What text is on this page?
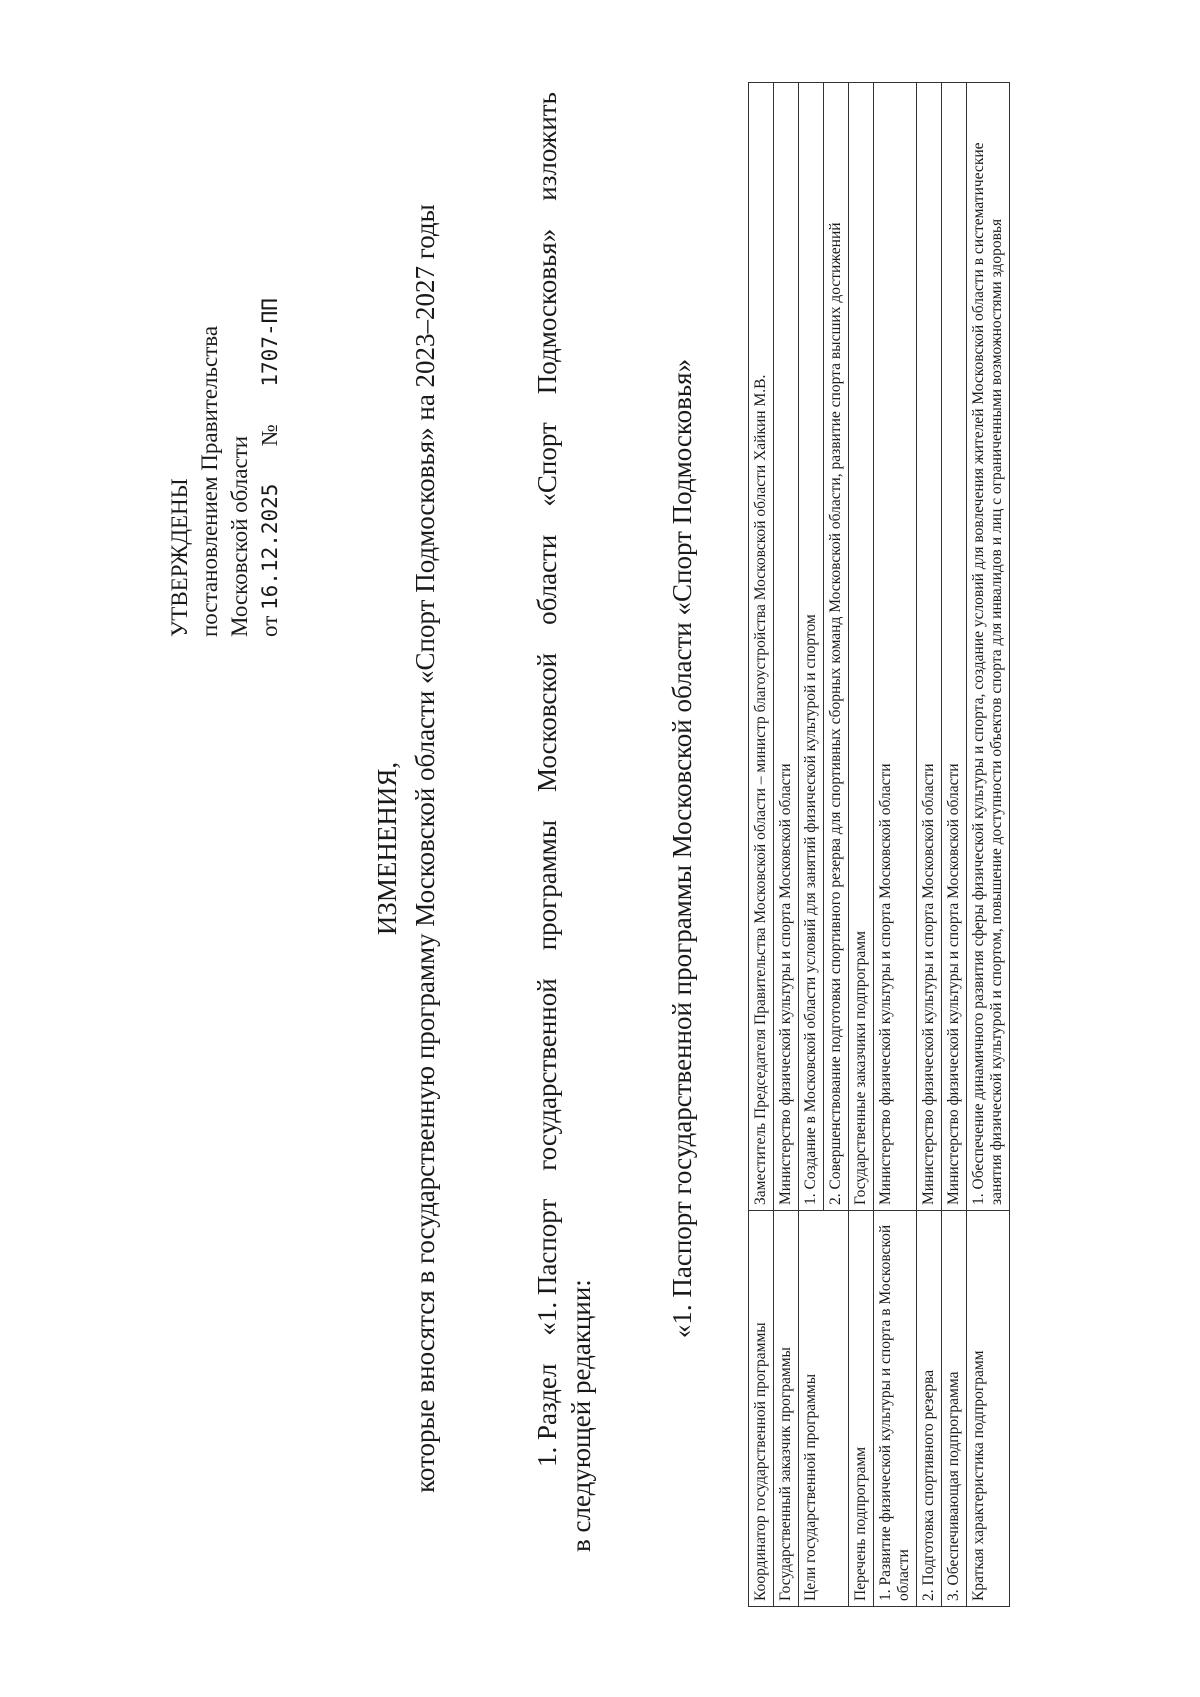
УТВЕРЖДЕНЫ постановлением Правительства Московской области от 16.12.2025  №  1707-ПП
ИЗМЕНЕНИЯ, которые вносятся в государственную программу Московской области «Спорт Подмосковья» на 2023–2027 годы	1. Раздел
«1. Паспорт
государственной
программы
Московской
области
«Спорт
Подмосковья»
изложить
в следующей редакции:
«1. Паспорт государственной программы Московской области «Спорт Подмосковья»
Координатор государственной программы	Заместитель Председателя Правительства Московской области – министр благоустройства Московской области Хайкин М.В.
Государственный заказчик программы	Министерство физической культуры и спорта Московской области
Цели государственной программы	1. Создание в Московской области условий для занятий физической культурой и спортом
	2. Совершенствование подготовки спортивного резерва для спортивных сборных команд Московской области, развитие спорта высших достижений
Перечень подпрограмм	Государственные заказчики подпрограмм
1. Развитие физической культуры и спорта в Московской области	Министерство физической культуры и спорта Московской области
2. Подготовка спортивного резерва	Министерство физической культуры и спорта Московской области
3. Обеспечивающая подпрограмма	Министерство физической культуры и спорта Московской области
Краткая характеристика подпрограмм	1. Обеспечение динамичного развития сферы физической культуры и спорта, создание условий для вовлечения жителей Московской области в систематические занятия физической культурой и спортом, повышение доступности объектов спорта для инвалидов и лиц с ограниченными возможностями здоровья
